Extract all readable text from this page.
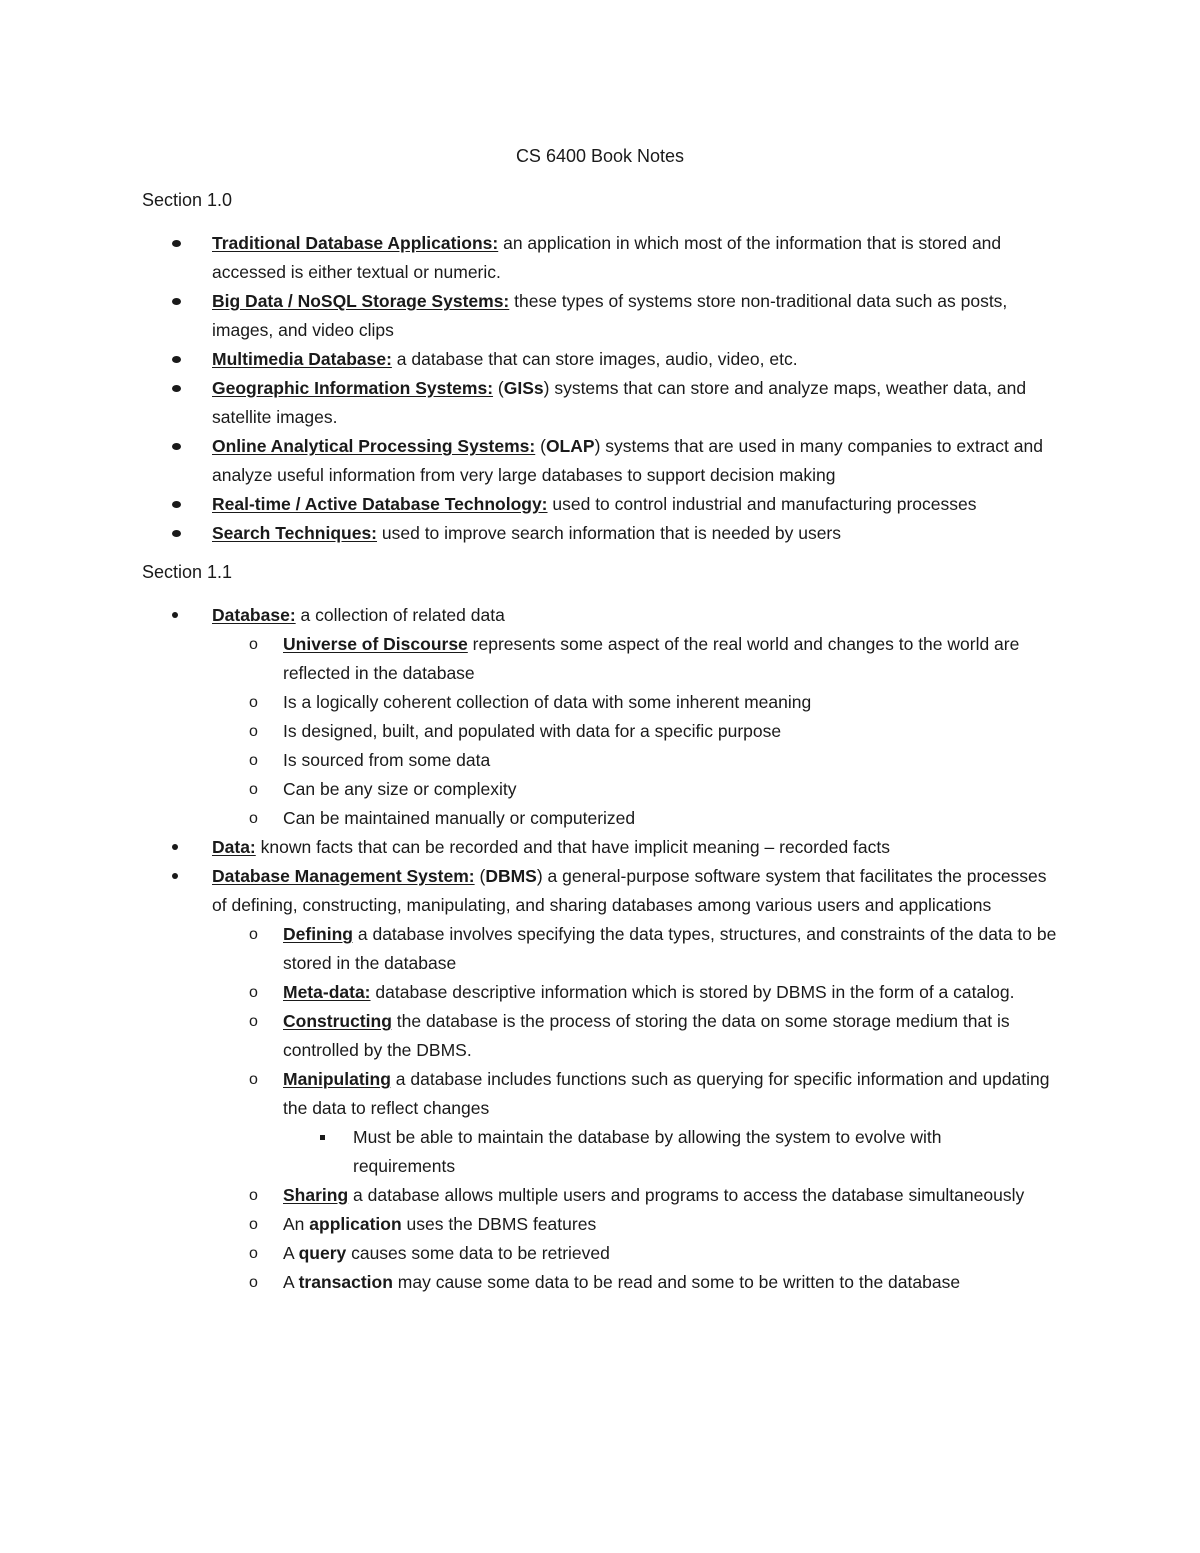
CS 6400 Book Notes
Section 1.0
Traditional Database Applications: an application in which most of the information that is stored and accessed is either textual or numeric.
Big Data / NoSQL Storage Systems: these types of systems store non-traditional data such as posts, images, and video clips
Multimedia Database: a database that can store images, audio, video, etc.
Geographic Information Systems: (GISs) systems that can store and analyze maps, weather data, and satellite images.
Online Analytical Processing Systems: (OLAP) systems that are used in many companies to extract and analyze useful information from very large databases to support decision making
Real-time / Active Database Technology: used to control industrial and manufacturing processes
Search Techniques: used to improve search information that is needed by users
Section 1.1
Database: a collection of related data
o Universe of Discourse represents some aspect of the real world and changes to the world are reflected in the database
o Is a logically coherent collection of data with some inherent meaning
o Is designed, built, and populated with data for a specific purpose
o Is sourced from some data
o Can be any size or complexity
o Can be maintained manually or computerized
Data: known facts that can be recorded and that have implicit meaning – recorded facts
Database Management System: (DBMS) a general-purpose software system that facilitates the processes of defining, constructing, manipulating, and sharing databases among various users and applications
o Defining a database involves specifying the data types, structures, and constraints of the data to be stored in the database
o Meta-data: database descriptive information which is stored by DBMS in the form of a catalog.
o Constructing the database is the process of storing the data on some storage medium that is controlled by the DBMS.
o Manipulating a database includes functions such as querying for specific information and updating the data to reflect changes
Must be able to maintain the database by allowing the system to evolve with requirements
o Sharing a database allows multiple users and programs to access the database simultaneously
o An application uses the DBMS features
o A query causes some data to be retrieved
o A transaction may cause some data to be read and some to be written to the database
